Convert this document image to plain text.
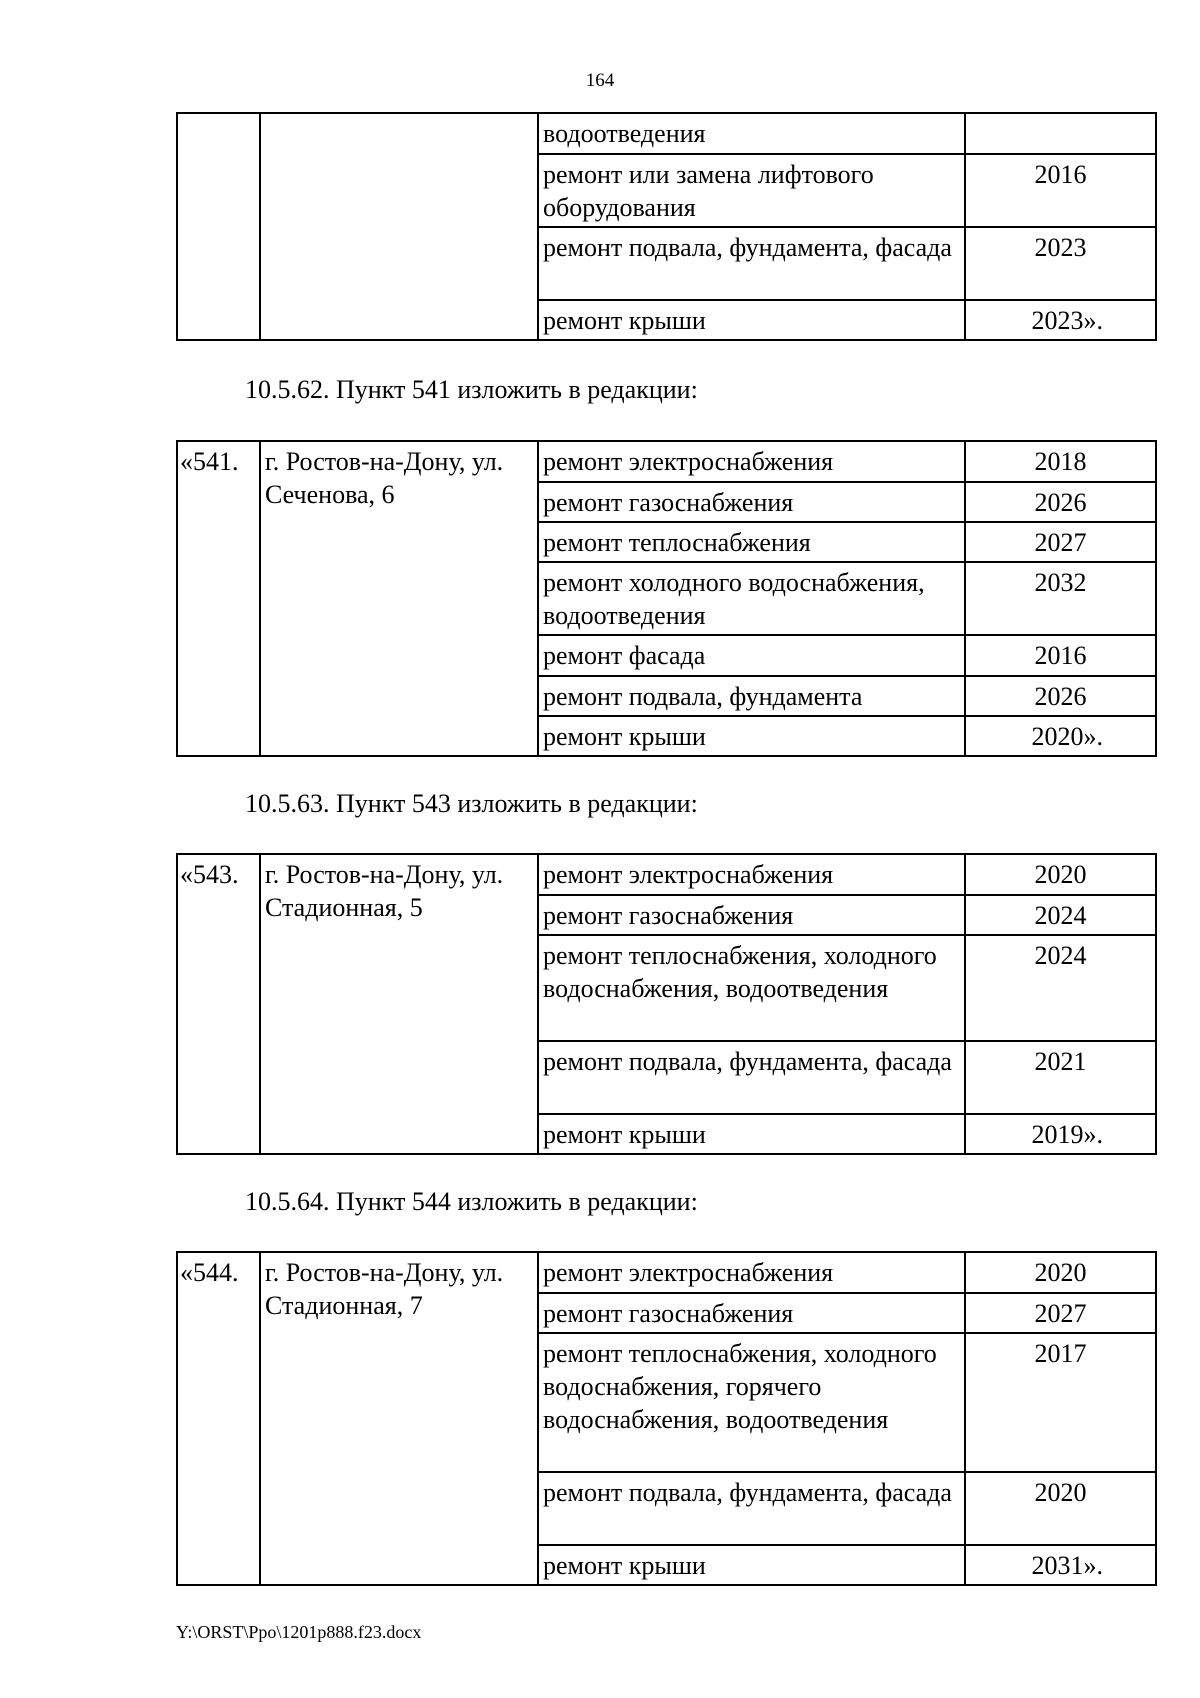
164
		водоотведения	
		ремонт или замена лифтового оборудования	2016
		ремонт подвала, фундамента, фасада	2023
		ремонт крыши	2023».
10.5.62. Пункт 541 изложить в редакции:
«541.	г. Ростов-на-Дону, ул. Сеченова, 6	ремонт электроснабжения	2018
		ремонт газоснабжения	2026
		ремонт теплоснабжения	2027
		ремонт холодного водоснабжения, водоотведения	2032
		ремонт фасада	2016
		ремонт подвала, фундамента	2026
		ремонт крыши	2020».
10.5.63. Пункт 543 изложить в редакции:
«543.	г. Ростов-на-Дону, ул. Стадионная, 5	ремонт электроснабжения	2020
		ремонт газоснабжения	2024
		ремонт теплоснабжения, холодного водоснабжения, водоотведения	2024
		ремонт подвала, фундамента, фасада	2021
		ремонт крыши	2019».
10.5.64. Пункт 544 изложить в редакции:
«544.	г. Ростов-на-Дону, ул. Стадионная, 7	ремонт электроснабжения	2020
		ремонт газоснабжения	2027
		ремонт теплоснабжения, холодного водоснабжения, горячего водоснабжения, водоотведения	2017
		ремонт подвала, фундамента, фасада	2020
		ремонт крыши	2031».
Y:\ORST\Ppo\1201p888.f23.docx
